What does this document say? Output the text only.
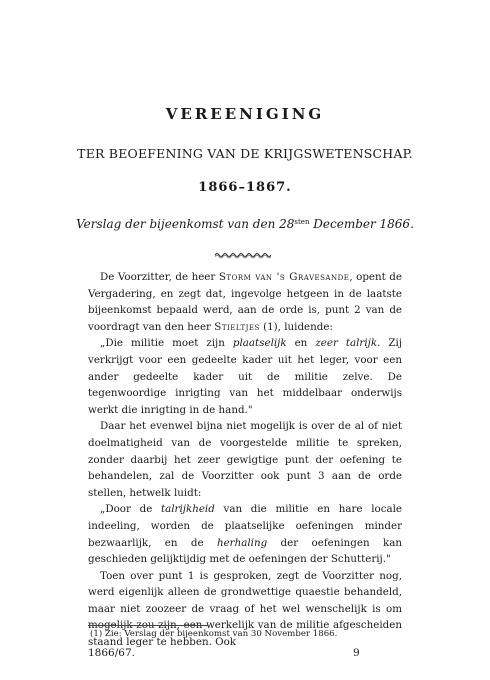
VEREENIGING
TER BEOEFENING VAN DE KRIJGSWETENSCHAP.
1866–1867.
Verslag der bijeenkomst van den $28^{sten}$ December 1866.

De Voorzitter, de heer Storm van 's Gravesande, opent de Vergadering, en zegt dat, ingevolge hetgeen in de laatste bijeenkomst bepaald werd, aan de orde is, punt 2 van de voordragt van den heer Stieltjes (1), luidende:

„Die militie moet zijn plaatselijk en zeer talrijk. Zij verkrijgt voor een gedeelte kader uit het leger, voor een ander gedeelte kader uit de militie zelve. De tegenwoordige inrigting van het middelbaar onderwijs werkt die inrigting in de hand."

Daar het evenwel bijna niet mogelijk is over de al of niet doelmatigheid van de voorgestelde militie te spreken, zonder daarbij het zeer gewigtige punt der oefening te behandelen, zal de Voorzitter ook punt 3 aan de orde stellen, hetwelk luidt:

„Door de talrijkheid van die militie en hare locale indeeling, worden de plaatselijke oefeningen minder bezwaarlijk, en de herhaling der oefeningen kan geschieden gelijktijdig met de oefeningen der Schutterij."

Toen over punt 1 is gesproken, zegt de Voorzitter nog, werd eigenlijk alleen de grondwettige quaestie behandeld, maar niet zoozeer de vraag of het wel wenschelijk is om mogelijk zou zijn, een werkelijk van de militie afgescheiden staand leger te hebben. Ook

(1) Zie: Verslag der bijeenkomst van 30 November 1866.
1866/67.	9
